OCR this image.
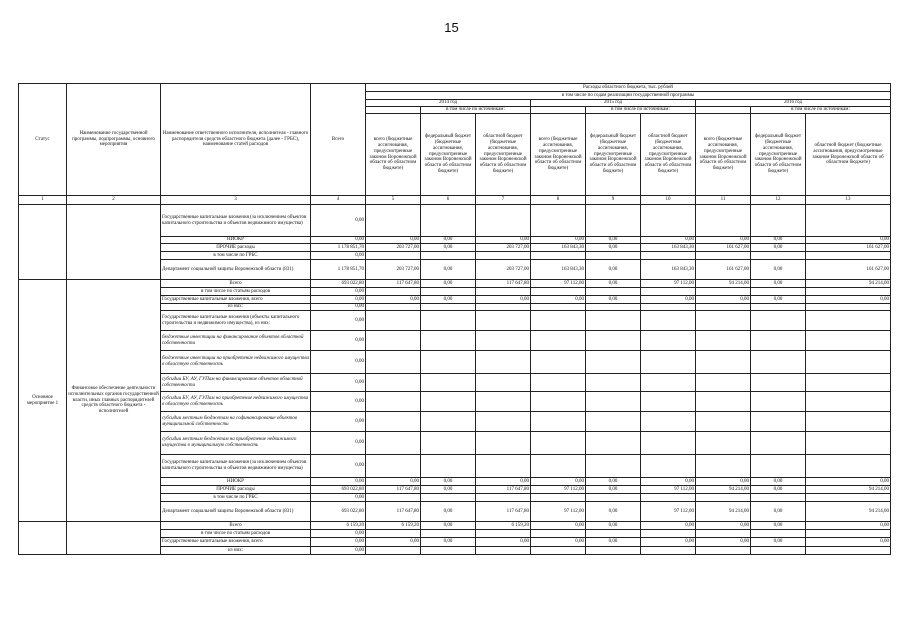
15
Статус	Наименование государственной программы, подпрограммы, основного мероприятия	Наименование ответственного исполнителя, исполнителя - главного распорядителя средств областного бюджета (далее - ГРБС), наименование статей расходов	Всего	Расходы областного бюджета, тыс. рублей								
				в том числе по годам реализации государственной программы								
				2014 год			2015 год			2016 год		
					в том числе по источникам:			в том числе по источникам:			в том числе по источникам:	
				всего (бюджетные ассигнования, предусмотренные законом Воронежской области об областном бюджете)	федеральный бюджет (бюджетные ассигнования, предусмотренные законом Воронежской области об областном бюджете)	областной бюджет (бюджетные ассигнования, предусмотренные законом Воронежской области об областном бюджете)	всего (бюджетные ассигнования, предусмотренные законом Воронежской области об областном бюджете)	федеральный бюджет (бюджетные ассигнования, предусмотренные законом Воронежской области об областном бюджете)	областной бюджет (бюджетные ассигнования, предусмотренные законом Воронежской области об областном бюджете)	всего (бюджетные ассигнования, предусмотренные законом Воронежской области об областном бюджете)	федеральный бюджет (бюджетные ассигнования, предусмотренные законом Воронежской области об областном бюджете)	областной бюджет (бюджетные ассигнования, предусмотренные законом Воронежской области об областном бюджете)
1	2	3	4	5	6	7	8	9	10	11	12	13
		Государственные капитальные вложения (за исключением объектов капитального строительства и объектов недвижимого имущества)	0,00									
		НИОКР	0,00	0,00	0,00	0,00	0,00	0,00	0,00	0,00	0,00	0,00
		ПРОЧИЕ расходы	1 178 851,70	203 727,00	0,00	203 727,00	163 843,30	0,00	163 843,30	161 627,00	0,00	161 627,00
		в том числе по ГРБС	0,00									
		Департамент социальной защиты Воронежской области (831)	1 178 851,70	203 727,00	0,00	203 727,00	163 843,30	0,00	163 843,30	161 627,00	0,00	161 627,00
Основное мероприятие 1	Финансовое обеспечение деятельности исполнительных органов государственной власти, иных главных распорядителей средств областного бюджета - исполнителей	Всего	693 022,80	117 647,80	0,00	117 647,80	97 112,00	0,00	97 112,00	94 214,00	0,00	94 214,00
		в том числе по статьям расходов	0,00									
		Государственные капитальные вложения, всего	0,00	0,00	0,00	0,00	0,00	0,00	0,00	0,00	0,00	0,00
		из них:	0,00									
		Государственные капитальные вложения (объекты капитального строительства и недвижимого имущества), из них:	0,00									
		бюджетные инвестиции на финансирование объектов областной собственности	0,00									
		бюджетные инвестиции на приобретение недвижимого имущества в областную собственность	0,00									
		субсидии БУ, АУ, ГУПам на финансирование объектов областной собственности	0,00									
		субсидии БУ, АУ, ГУПам на приобретение недвижимого имущества в областную собственность	0,00									
		субсидии местным бюджетам на софинансирование объектов муниципальной собственности	0,00									
		субсидии местным бюджетам на приобретение недвижимого имущества в муниципальную собственность	0,00									
		Государственные капитальные вложения (за исключением объектов капитального строительства и объектов недвижимого имущества)	0,00									
		НИОКР	0,00	0,00	0,00	0,00	0,00	0,00	0,00	0,00	0,00	0,00
		ПРОЧИЕ расходы	693 022,80	117 647,80	0,00	117 647,80	97 112,00	0,00	97 112,00	94 214,00	0,00	94 214,00
		в том числе по ГРБС	0,00									
		Департамент социальной защиты Воронежской области (831)	693 022,80	117 647,80	0,00	117 647,80	97 112,00	0,00	97 112,00	94 214,00	0,00	94 214,00
		Всего	6 159,20	6 159,20	0,00	6 159,20	0,00	0,00	0,00	0,00	0,00	0,00
		в том числе по статьям расходов	0,00									
		Государственные капитальные вложения, всего	0,00	0,00	0,00	0,00	0,00	0,00	0,00	0,00	0,00	0,00
		из них:	0,00									
